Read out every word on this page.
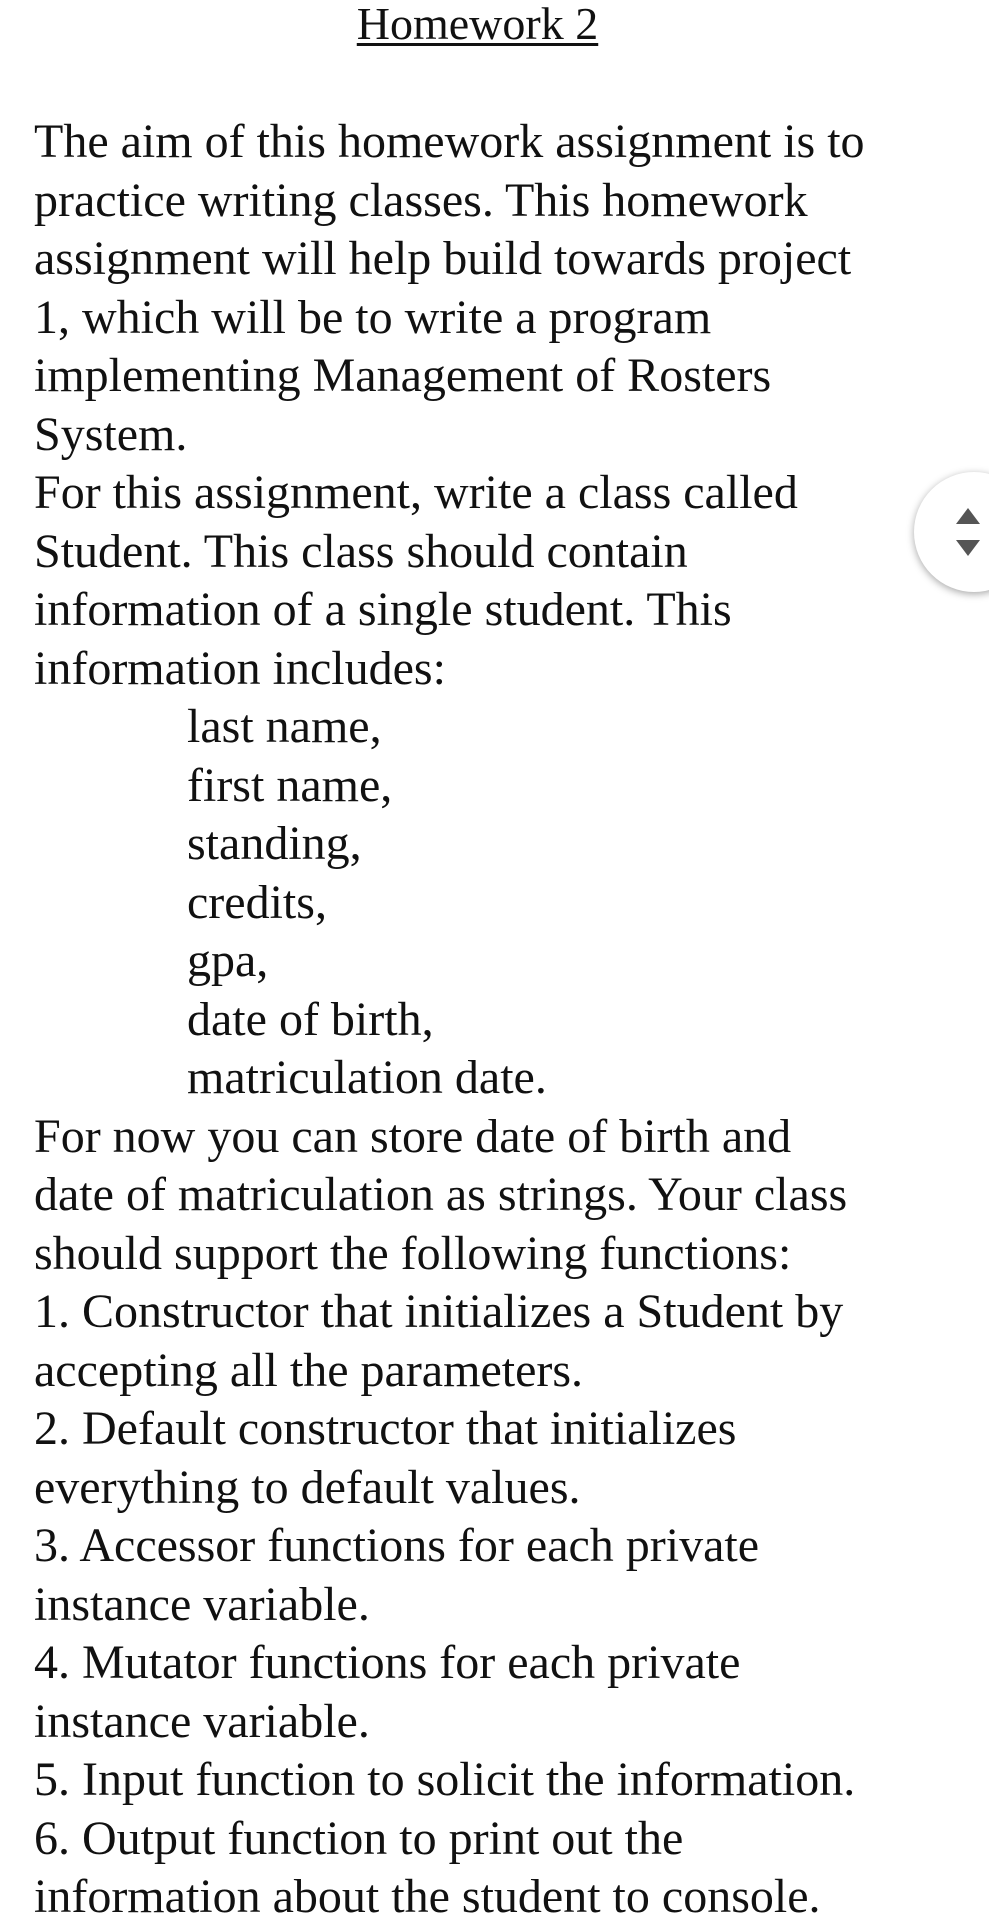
Homework 2

The aim of this homework assignment is to
practice writing classes. This homework
assignment will help build towards project
1, which will be to write a program
implementing Management of Rosters
System.

For this assignment, write a class called
Student. This class should contain
information of a single student. This
information includes:

last name,
first name,
standing,
credits,
gpa,
date of birth,
matriculation date.

For now you can store date of birth and
date of matriculation as strings. Your class
should support the following functions:

1. Constructor that initializes a Student by
accepting all the parameters.

2. Default constructor that initializes
everything to default values.

3. Accessor functions for each private
instance variable.

4. Mutator functions for each private
instance variable.

5. Input function to solicit the information.

6. Output function to print out the
information about the student to console.
